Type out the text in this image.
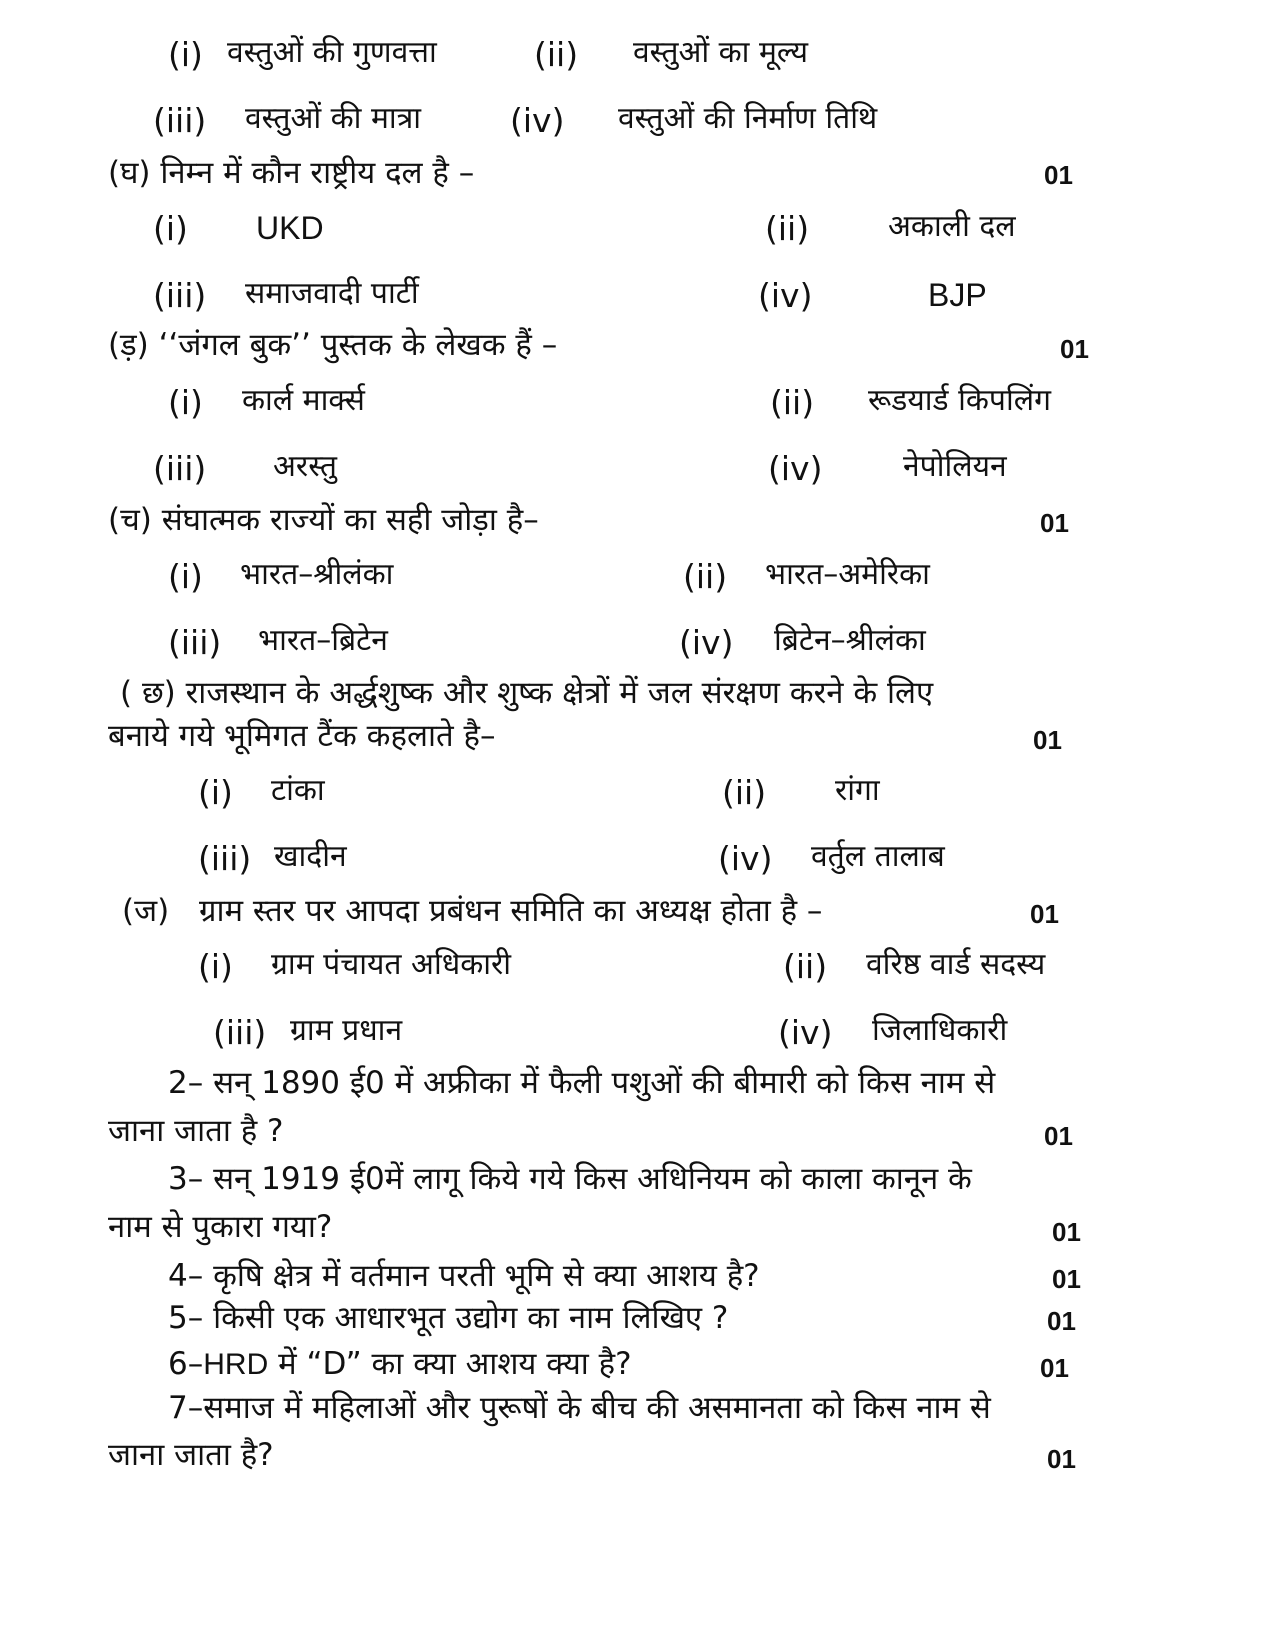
(i) वस्तुओं की गुणवत्ता	(ii) वस्तुओं का मूल्य
(iii) वस्तुओं की मात्रा	(iv) वस्तुओं की निर्माण तिथि
(घ) निम्न में कौन राष्ट्रीय दल है –	01
(i) UKD	(ii)	अकाली दल
(iii) समाजवादी पार्टी	(iv)	BJP
(ड़) ‘‘जंगल बुक’’ पुस्तक के लेखक हैं –	01
(i) कार्ल मार्क्स	(ii) रूडयार्ड किपलिंग
(iii) अरस्तु	(iv)	नेपोलियन
(च) संघात्मक राज्यों का सही जोड़ा है–	01
(i) भारत–श्रीलंका	(ii) भारत–अमेरिका
(iii) भारत–ब्रिटेन	(iv) ब्रिटेन–श्रीलंका
( छ) राजस्थान के अर्द्धशुष्क और शुष्क क्षेत्रों में जल संरक्षण करने के लिए
बनाये गये भूमिगत टैंक कहलाते है–	01
(i) टांका	(ii) रांगा
(iii) खादीन	(iv) वर्तुल तालाब
(ज) ग्राम स्तर पर आपदा प्रबंधन समिति का अध्यक्ष होता है –	01
(i) ग्राम पंचायत अधिकारी	(ii) वरिष्ठ वार्ड सदस्य
(iii) ग्राम प्रधान	(iv) जिलाधिकारी
2– सन् 1890 ई0 में अफ्रीका में फैली पशुओं की बीमारी को किस नाम से
जाना जाता है ?	01
3– सन् 1919 ई0में लागू किये गये किस अधिनियम को काला कानून के
नाम से पुकारा गया?	01
4– कृषि क्षेत्र में वर्तमान परती भूमि से क्या आशय है?	01
5– किसी एक आधारभूत उद्योग का नाम लिखिए ?	01
6–HRD में “D” का क्या आशय क्या है?	01
7–समाज में महिलाओं और पुरूषों के बीच की असमानता को किस नाम से
जाना जाता है?	01
